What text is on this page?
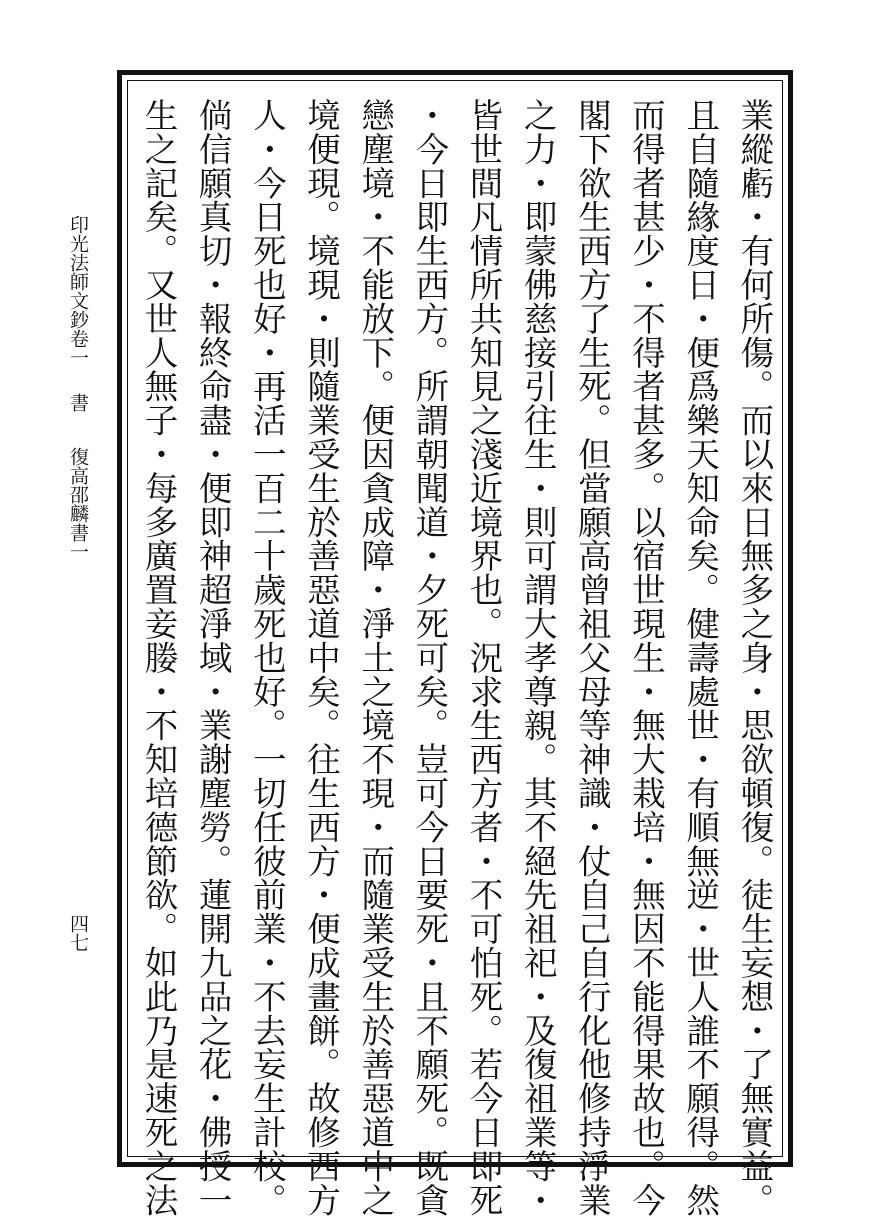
業縱虧・有何所傷。而以來日無多之身・思欲頓復。徒生妄想・了無實益。
且自隨緣度日・便爲樂天知命矣。健壽處世・有順無逆・世人誰不願得。然
而得者甚少・不得者甚多。以宿世現生・無大栽培・無因不能得果故也。今
閣下欲生西方了生死。但當願高曾祖父母等神識・仗自己自行化他修持淨業
之力・即蒙佛慈接引往生・則可謂大孝尊親。其不絕先祖祀・及復祖業等・
皆世間凡情所共知見之淺近境界也。況求生西方者・不可怕死。若今日即死
・今日即生西方。所謂朝聞道・夕死可矣。豈可今日要死・且不願死。既貪
戀塵境・不能放下。便因貪成障・淨土之境不現・而隨業受生於善惡道中之
境便現。境現・則隨業受生於善惡道中矣。往生西方・便成畫餅。故修西方
人・今日死也好・再活一百二十歲死也好。一切任彼前業・不去妄生計校。
倘信願真切・報終命盡・便即神超淨域・業謝塵勞。蓮開九品之花・佛授一
生之記矣。又世人無子・每多廣置妾媵・不知培德節欲。如此乃是速死之法
印光法師文鈔卷一
書
復高邵麟書一
四七
